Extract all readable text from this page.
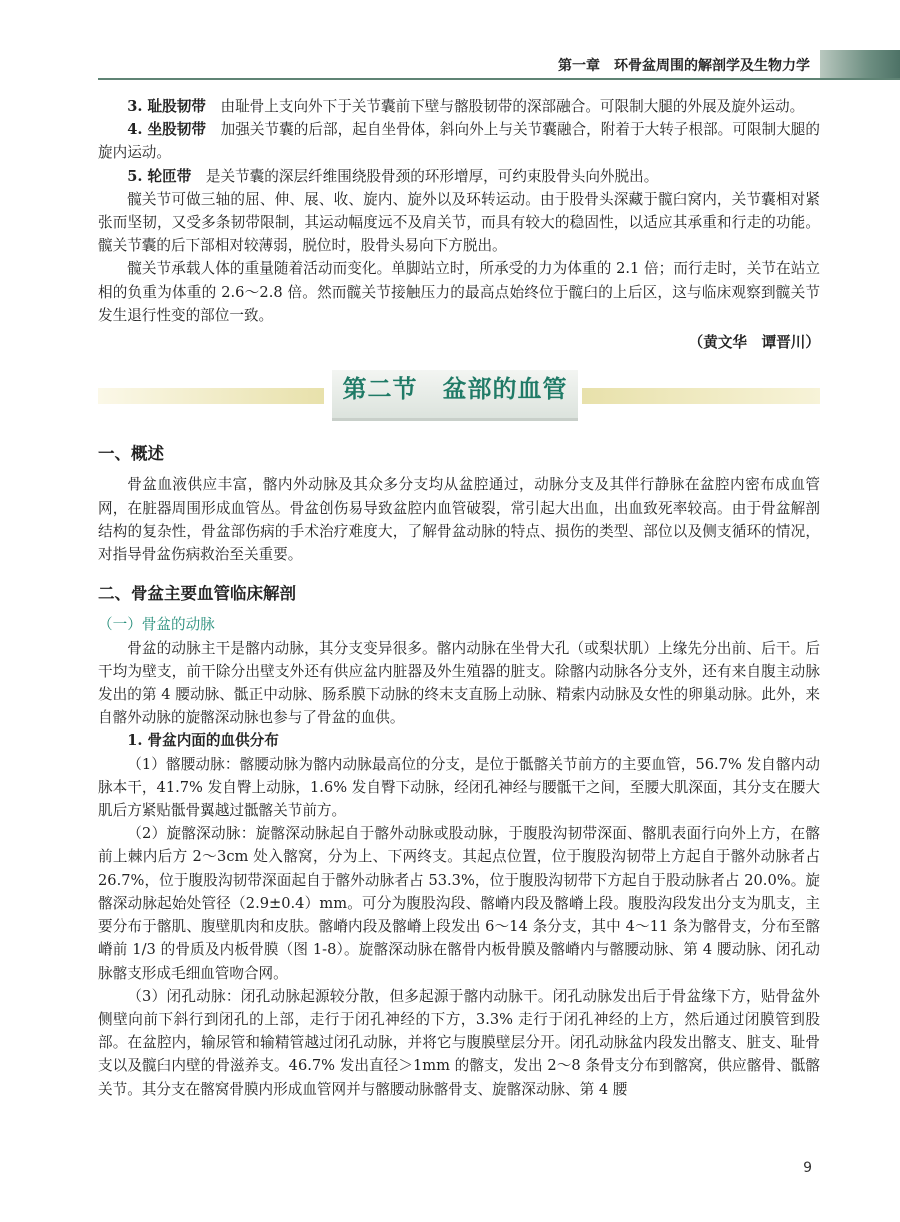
第一章　环骨盆周围的解剖学及生物力学

3. 耻股韧带　由耻骨上支向外下于关节囊前下壁与髂股韧带的深部融合。可限制大腿的外展及旋外运动。

4. 坐股韧带　加强关节囊的后部，起自坐骨体，斜向外上与关节囊融合，附着于大转子根部。可限制大腿的旋内运动。

5. 轮匝带　是关节囊的深层纤维围绕股骨颈的环形增厚，可约束股骨头向外脱出。

髋关节可做三轴的屈、伸、展、收、旋内、旋外以及环转运动。由于股骨头深藏于髋臼窝内，关节囊相对紧张而坚韧，又受多条韧带限制，其运动幅度远不及肩关节，而具有较大的稳固性，以适应其承重和行走的功能。髋关节囊的后下部相对较薄弱，脱位时，股骨头易向下方脱出。

髋关节承载人体的重量随着活动而变化。单脚站立时，所承受的力为体重的 2.1 倍；而行走时，关节在站立相的负重为体重的 2.6～2.8 倍。然而髋关节接触压力的最高点始终位于髋臼的上后区，这与临床观察到髋关节发生退行性变的部位一致。

（黄文华　谭晋川）

第二节　盆部的血管
一、概述

骨盆血液供应丰富，髂内外动脉及其众多分支均从盆腔通过，动脉分支及其伴行静脉在盆腔内密布成血管网，在脏器周围形成血管丛。骨盆创伤易导致盆腔内血管破裂，常引起大出血，出血致死率较高。由于骨盆解剖结构的复杂性，骨盆部伤病的手术治疗难度大，了解骨盆动脉的特点、损伤的类型、部位以及侧支循环的情况，对指导骨盆伤病救治至关重要。

二、骨盆主要血管临床解剖
（一）骨盆的动脉

骨盆的动脉主干是髂内动脉，其分支变异很多。髂内动脉在坐骨大孔（或梨状肌）上缘先分出前、后干。后干均为壁支，前干除分出壁支外还有供应盆内脏器及外生殖器的脏支。除髂内动脉各分支外，还有来自腹主动脉发出的第 4 腰动脉、骶正中动脉、肠系膜下动脉的终末支直肠上动脉、精索内动脉及女性的卵巢动脉。此外，来自髂外动脉的旋髂深动脉也参与了骨盆的血供。

1. 骨盆内面的血供分布

（1）髂腰动脉：髂腰动脉为髂内动脉最高位的分支，是位于骶髂关节前方的主要血管，56.7% 发自髂内动脉本干，41.7% 发自臀上动脉，1.6% 发自臀下动脉，经闭孔神经与腰骶干之间，至腰大肌深面，其分支在腰大肌后方紧贴骶骨翼越过骶髂关节前方。

（2）旋髂深动脉：旋髂深动脉起自于髂外动脉或股动脉，于腹股沟韧带深面、髂肌表面行向外上方，在髂前上棘内后方 2～3cm 处入髂窝，分为上、下两终支。其起点位置，位于腹股沟韧带上方起自于髂外动脉者占 26.7%，位于腹股沟韧带深面起自于髂外动脉者占 53.3%，位于腹股沟韧带下方起自于股动脉者占 20.0%。旋髂深动脉起始处管径（2.9±0.4）mm。可分为腹股沟段、髂嵴内段及髂嵴上段。腹股沟段发出分支为肌支，主要分布于髂肌、腹壁肌肉和皮肤。髂嵴内段及髂嵴上段发出 6～14 条分支，其中 4～11 条为髂骨支，分布至髂嵴前 1/3 的骨质及内板骨膜（图 1-8）。旋髂深动脉在髂骨内板骨膜及髂嵴内与髂腰动脉、第 4 腰动脉、闭孔动脉髂支形成毛细血管吻合网。

（3）闭孔动脉：闭孔动脉起源较分散，但多起源于髂内动脉干。闭孔动脉发出后于骨盆缘下方，贴骨盆外侧壁向前下斜行到闭孔的上部，走行于闭孔神经的下方，3.3% 走行于闭孔神经的上方，然后通过闭膜管到股部。在盆腔内，输尿管和输精管越过闭孔动脉，并将它与腹膜壁层分开。闭孔动脉盆内段发出髂支、脏支、耻骨支以及髋臼内壁的骨滋养支。46.7% 发出直径＞1mm 的髂支，发出 2～8 条骨支分布到髂窝，供应髂骨、骶髂关节。其分支在髂窝骨膜内形成血管网并与髂腰动脉髂骨支、旋髂深动脉、第 4 腰

9
